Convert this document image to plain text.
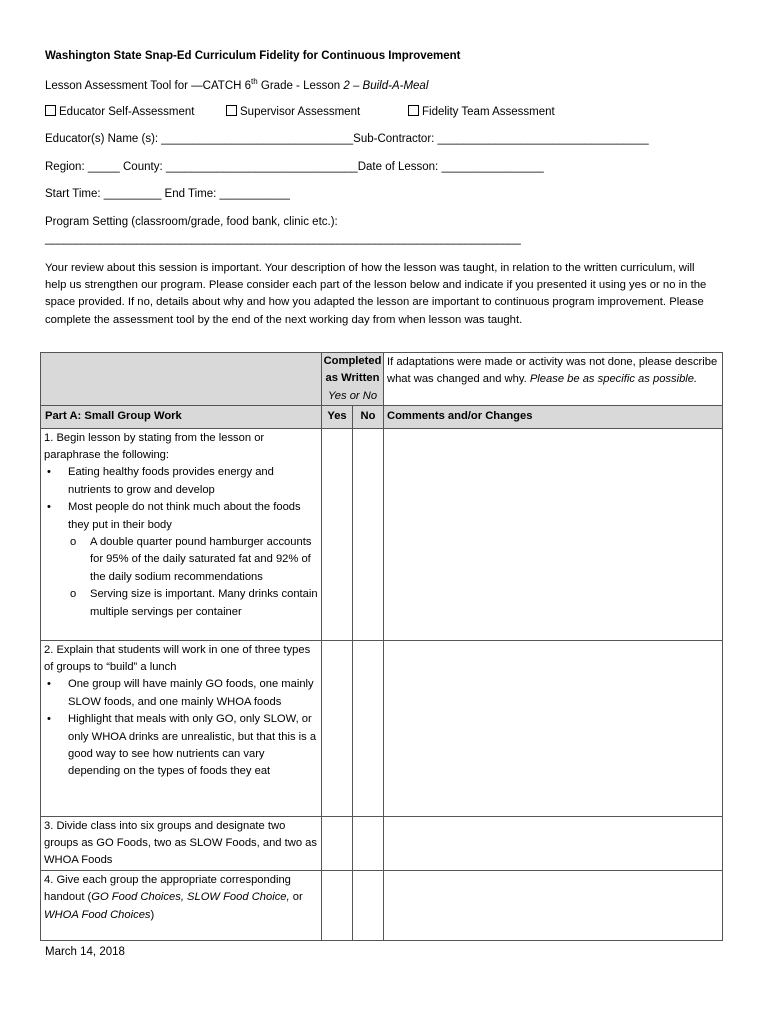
Washington State Snap-Ed Curriculum Fidelity for Continuous Improvement
Lesson Assessment Tool for —CATCH 6th Grade - Lesson 2 – Build-A-Meal
Educator Self-Assessment	Supervisor Assessment	Fidelity Team Assessment
Educator(s) Name (s): ______________________________Sub-Contractor: _________________________________
Region: _____ County: ______________________________Date of Lesson: ________________
Start Time: _________ End Time: ___________
Program Setting (classroom/grade, food bank, clinic etc.):
______________________________________________________________________________
Your review about this session is important. Your description of how the lesson was taught, in relation to the written curriculum, will help us strengthen our program. Please consider each part of the lesson below and indicate if you presented it using yes or no in the space provided. If no, details about why and how you adapted the lesson are important to continuous program improvement. Please complete the assessment tool by the end of the next working day from when lesson was taught.

	Completed
as Written
Yes or No		If adaptations were made or activity was not done, please describe what was changed and why. Please be as specific as possible.
Part A: Small Group Work	Yes	No	Comments and/or Changes

1. Begin lesson by stating from the lesson or paraphrase the following:
• Eating healthy foods provides energy and nutrients to grow and develop
• Most people do not think much about the foods they put in their body
o A double quarter pound hamburger accounts for 95% of the daily saturated fat and 92% of the daily sodium recommendations
o Serving size is important. Many drinks contain multiple servings per container

2. Explain that students will work in one of three types of groups to “build” a lunch
• One group will have mainly GO foods, one mainly SLOW foods, and one mainly WHOA foods
• Highlight that meals with only GO, only SLOW, or only WHOA drinks are unrealistic, but that this is a good way to see how nutrients can vary depending on the types of foods they eat

3. Divide class into six groups and designate two groups as GO Foods, two as SLOW Foods, and two as WHOA Foods			
4. Give each group the appropriate corresponding handout (GO Food Choices, SLOW Food Choice, or WHOA Food Choices)			
March 14, 2018
